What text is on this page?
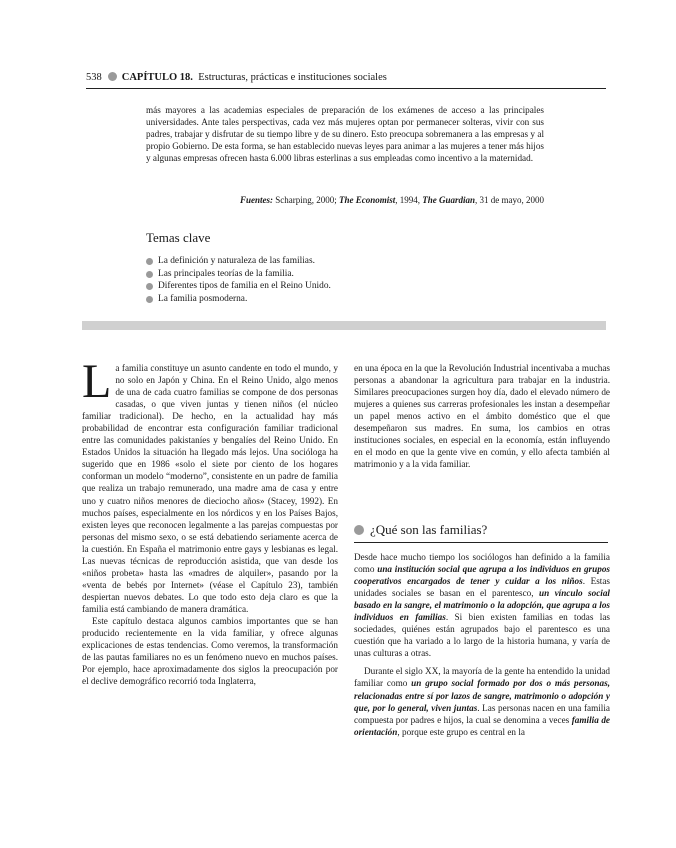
538 CAPÍTULO 18. Estructuras, prácticas e instituciones sociales

más mayores a las academias especiales de preparación de los exámenes de acceso a las principales universidades. Ante tales perspectivas, cada vez más mujeres optan por permanecer solteras, vivir con sus padres, trabajar y disfrutar de su tiempo libre y de su dinero. Esto preocupa sobremanera a las empresas y al propio Gobierno. De esta forma, se han establecido nuevas leyes para animar a las mujeres a tener más hijos y algunas empresas ofrecen hasta 6.000 libras esterlinas a sus empleadas como incentivo a la maternidad.

Fuentes: Scharping, 2000; The Economist, 1994, The Guardian, 31 de mayo, 2000
Temas clave
La definición y naturaleza de las familias.
Las principales teorías de la familia.
Diferentes tipos de familia en el Reino Unido.
La familia posmoderna.

La familia constituye un asunto candente en todo el mundo, y no solo en Japón y China. En el Reino Unido, algo menos de una de cada cuatro familias se compone de dos personas casadas, o que viven juntas y tienen niños (el núcleo familiar tradicional). De hecho, en la actualidad hay más probabilidad de encontrar esta configuración familiar tradicional entre las comunidades pakistaníes y bengalíes del Reino Unido. En Estados Unidos la situación ha llegado más lejos. Una socióloga ha sugerido que en 1986 «solo el siete por ciento de los hogares conforman un modelo “moderno”, consistente en un padre de familia que realiza un trabajo remunerado, una madre ama de casa y entre uno y cuatro niños menores de dieciocho años» (Stacey, 1992). En muchos países, especialmente en los nórdicos y en los Países Bajos, existen leyes que reconocen legalmente a las parejas compuestas por personas del mismo sexo, o se está debatiendo seriamente acerca de la cuestión. En España el matrimonio entre gays y lesbianas es legal. Las nuevas técnicas de reproducción asistida, que van desde los «niños probeta» hasta las «madres de alquiler», pasando por la «venta de bebés por Internet» (véase el Capítulo 23), también despiertan nuevos debates. Lo que todo esto deja claro es que la familia está cambiando de manera dramática.

Este capítulo destaca algunos cambios importantes que se han producido recientemente en la vida familiar, y ofrece algunas explicaciones de estas tendencias. Como veremos, la transformación de las pautas familiares no es un fenómeno nuevo en muchos países. Por ejemplo, hace aproximadamente dos siglos la preocupación por el declive demográfico recorrió toda Inglaterra,

en una época en la que la Revolución Industrial incentivaba a muchas personas a abandonar la agricultura para trabajar en la industria. Similares preocupaciones surgen hoy día, dado el elevado número de mujeres a quienes sus carreras profesionales les instan a desempeñar un papel menos activo en el ámbito doméstico que el que desempeñaron sus madres. En suma, los cambios en otras instituciones sociales, en especial en la economía, están influyendo en el modo en que la gente vive en común, y ello afecta también al matrimonio y a la vida familiar.

¿Qué son las familias?

Desde hace mucho tiempo los sociólogos han definido a la familia como una institución social que agrupa a los individuos en grupos cooperativos encargados de tener y cuidar a los niños. Estas unidades sociales se basan en el parentesco, un vínculo social basado en la sangre, el matrimonio o la adopción, que agrupa a los individuos en familias. Si bien existen familias en todas las sociedades, quiénes están agrupados bajo el parentesco es una cuestión que ha variado a lo largo de la historia humana, y varía de unas culturas a otras.

Durante el siglo XX, la mayoría de la gente ha entendido la unidad familiar como un grupo social formado por dos o más personas, relacionadas entre sí por lazos de sangre, matrimonio o adopción y que, por lo general, viven juntas. Las personas nacen en una familia compuesta por padres e hijos, la cual se denomina a veces familia de orientación, porque este grupo es central en la
